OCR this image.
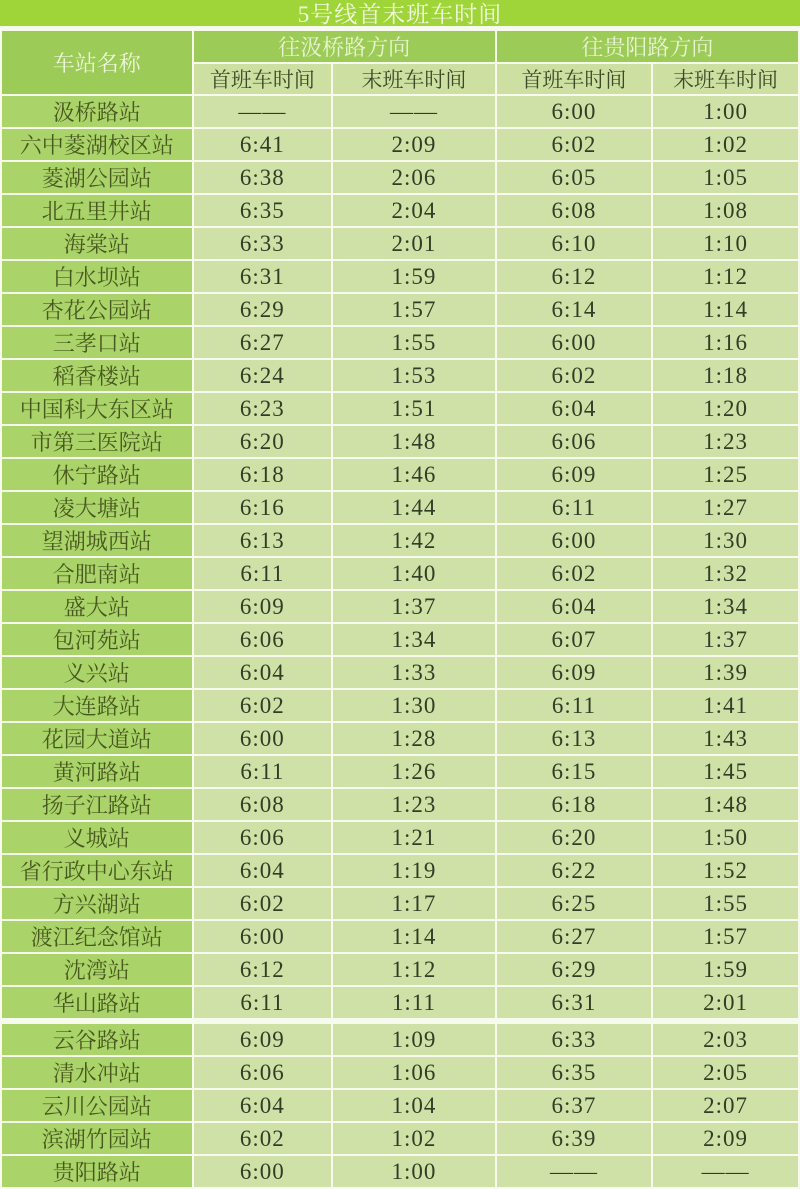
5号线首末班车时间
车站名称	往汲桥路方向		往贵阳路方向	
	首班车时间	末班车时间	首班车时间	末班车时间
汲桥路站	——	——	6:00	1:00
六中菱湖校区站	6:41	2:09	6:02	1:02
菱湖公园站	6:38	2:06	6:05	1:05
北五里井站	6:35	2:04	6:08	1:08
海棠站	6:33	2:01	6:10	1:10
白水坝站	6:31	1:59	6:12	1:12
杏花公园站	6:29	1:57	6:14	1:14
三孝口站	6:27	1:55	6:00	1:16
稻香楼站	6:24	1:53	6:02	1:18
中国科大东区站	6:23	1:51	6:04	1:20
市第三医院站	6:20	1:48	6:06	1:23
休宁路站	6:18	1:46	6:09	1:25
凌大塘站	6:16	1:44	6:11	1:27
望湖城西站	6:13	1:42	6:00	1:30
合肥南站	6:11	1:40	6:02	1:32
盛大站	6:09	1:37	6:04	1:34
包河苑站	6:06	1:34	6:07	1:37
义兴站	6:04	1:33	6:09	1:39
大连路站	6:02	1:30	6:11	1:41
花园大道站	6:00	1:28	6:13	1:43
黄河路站	6:11	1:26	6:15	1:45
扬子江路站	6:08	1:23	6:18	1:48
义城站	6:06	1:21	6:20	1:50
省行政中心东站	6:04	1:19	6:22	1:52
方兴湖站	6:02	1:17	6:25	1:55
渡江纪念馆站	6:00	1:14	6:27	1:57
沈湾站	6:12	1:12	6:29	1:59
华山路站	6:11	1:11	6:31	2:01
云谷路站	6:09	1:09	6:33	2:03
清水冲站	6:06	1:06	6:35	2:05
云川公园站	6:04	1:04	6:37	2:07
滨湖竹园站	6:02	1:02	6:39	2:09
贵阳路站	6:00	1:00	——	——
